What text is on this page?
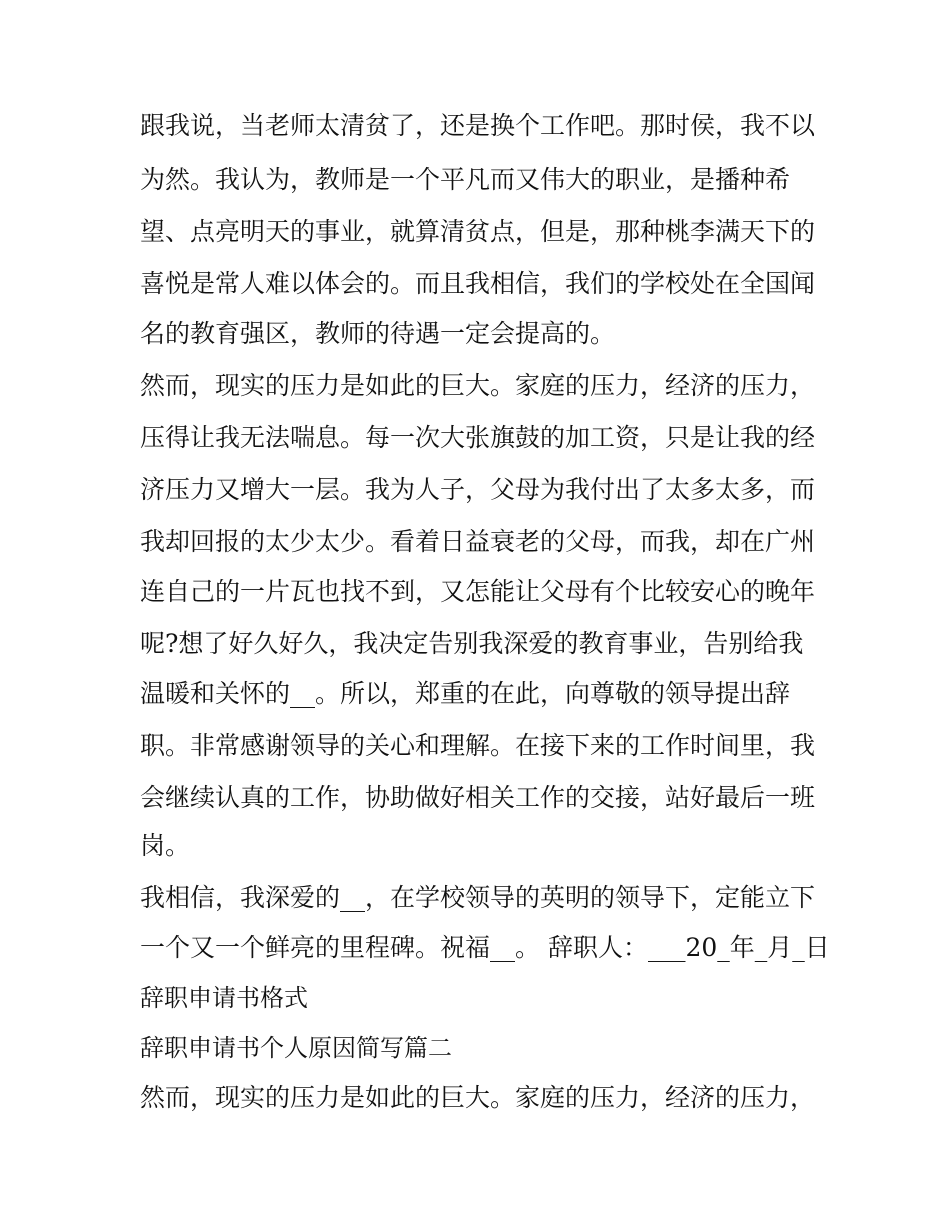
跟我说，当老师太清贫了，还是换个工作吧。那时侯，我不以
为然。我认为，教师是一个平凡而又伟大的职业，是播种希
望、点亮明天的事业，就算清贫点，但是，那种桃李满天下的
喜悦是常人难以体会的。而且我相信，我们的学校处在全国闻
名的教育强区，教师的待遇一定会提高的。
然而，现实的压力是如此的巨大。家庭的压力，经济的压力，
压得让我无法喘息。每一次大张旗鼓的加工资，只是让我的经
济压力又增大一层。我为人子，父母为我付出了太多太多，而
我却回报的太少太少。看着日益衰老的父母，而我，却在广州
连自己的一片瓦也找不到，又怎能让父母有个比较安心的晚年
呢?想了好久好久，我决定告别我深爱的教育事业，告别给我
温暖和关怀的__。所以，郑重的在此，向尊敬的领导提出辞
职。非常感谢领导的关心和理解。在接下来的工作时间里，我
会继续认真的工作，协助做好相关工作的交接，站好最后一班
岗。
我相信，我深爱的__，在学校领导的英明的领导下，定能立下
一个又一个鲜亮的里程碑。祝福__。 辞职人：___20_年_月_日
辞职申请书格式
辞职申请书个人原因简写篇二
然而，现实的压力是如此的巨大。家庭的压力，经济的压力，
